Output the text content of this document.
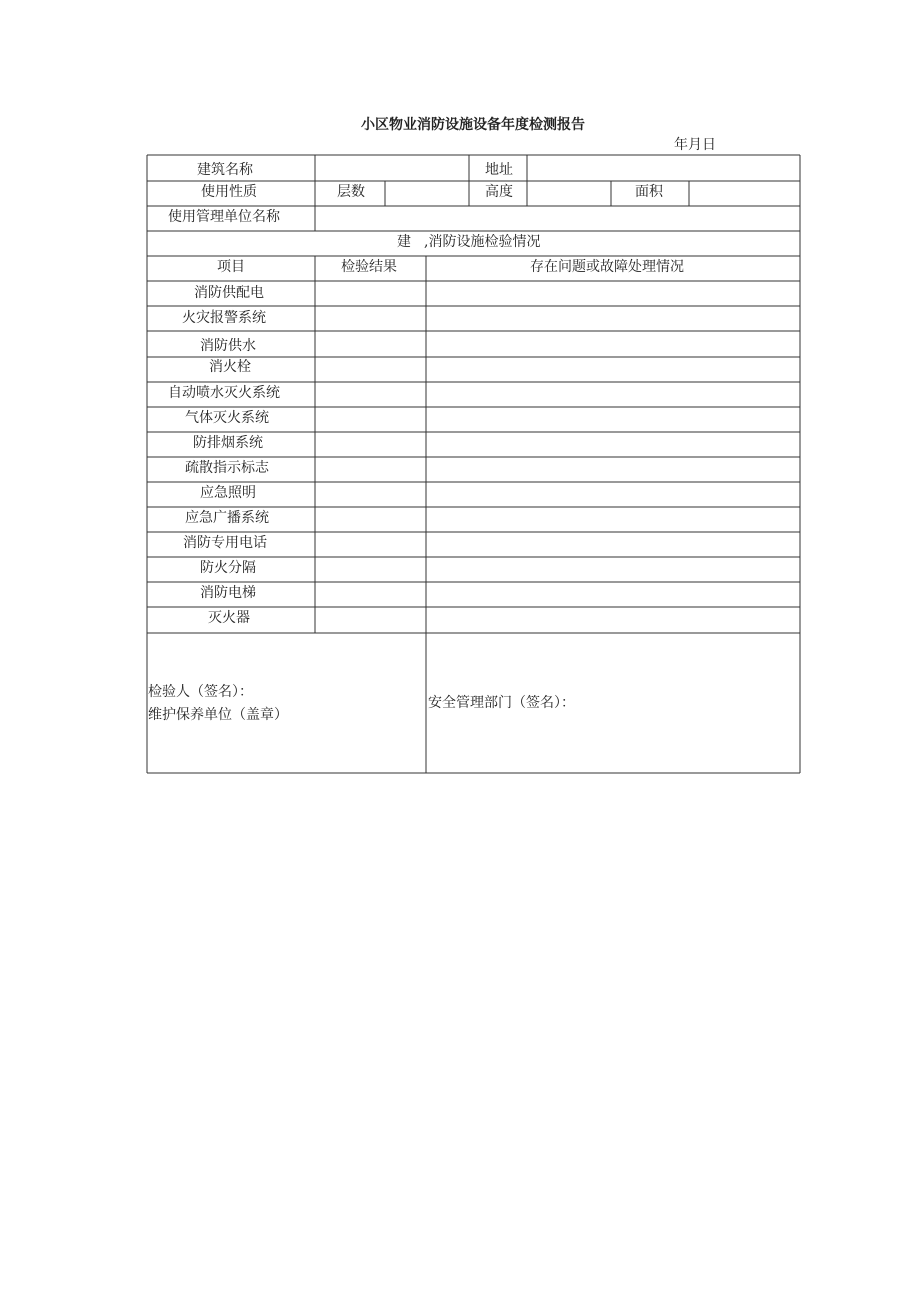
小区物业消防设施设备年度检测报告
年月日
建筑名称	地址
使用性质	层数	高度	面积
使用管理单位名称
建 ,消防设施检验情况
项目	检验结果	存在问题或故障处理情况
消防供配电
火灾报警系统
消防供水
消火栓
自动喷水灭火系统
气体灭火系统
防排烟系统
疏散指示标志
应急照明
应急广播系统
消防专用电话
防火分隔
消防电梯
灭火器
检验人（签名）：
维护保养单位（盖章）
安全管理部门（签名）：
